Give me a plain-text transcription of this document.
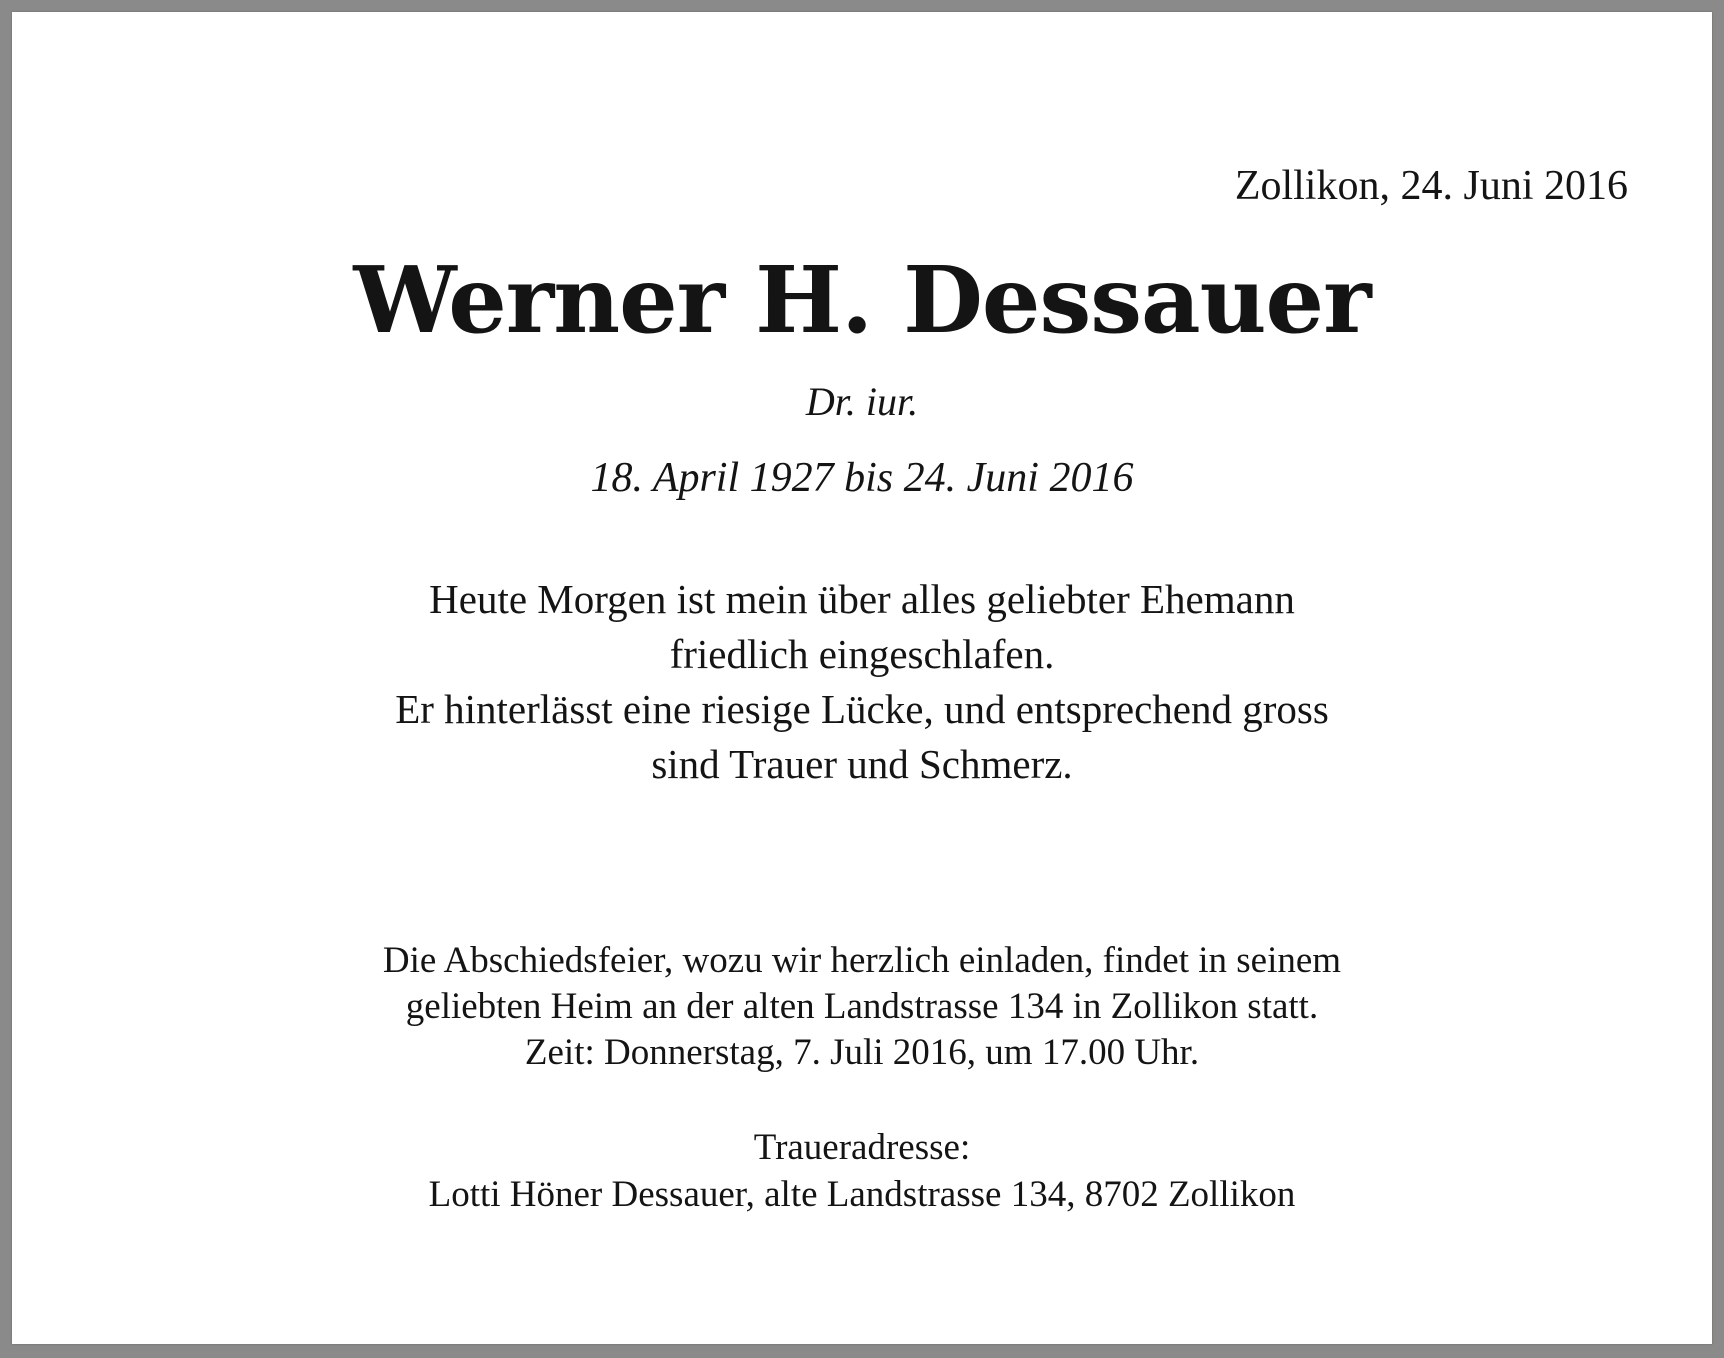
Zollikon, 24. Juni 2016
Werner H. Dessauer
Dr. iur.
18. April 1927 bis 24. Juni 2016
Heute Morgen ist mein über alles geliebter Ehemann
friedlich eingeschlafen.
Er hinterlässt eine riesige Lücke, und entsprechend gross
sind Trauer und Schmerz.
Die Abschiedsfeier, wozu wir herzlich einladen, findet in seinem
geliebten Heim an der alten Landstrasse 134 in Zollikon statt.
Zeit: Donnerstag, 7. Juli 2016, um 17.00 Uhr.
Traueradresse:
Lotti Höner Dessauer, alte Landstrasse 134, 8702 Zollikon
